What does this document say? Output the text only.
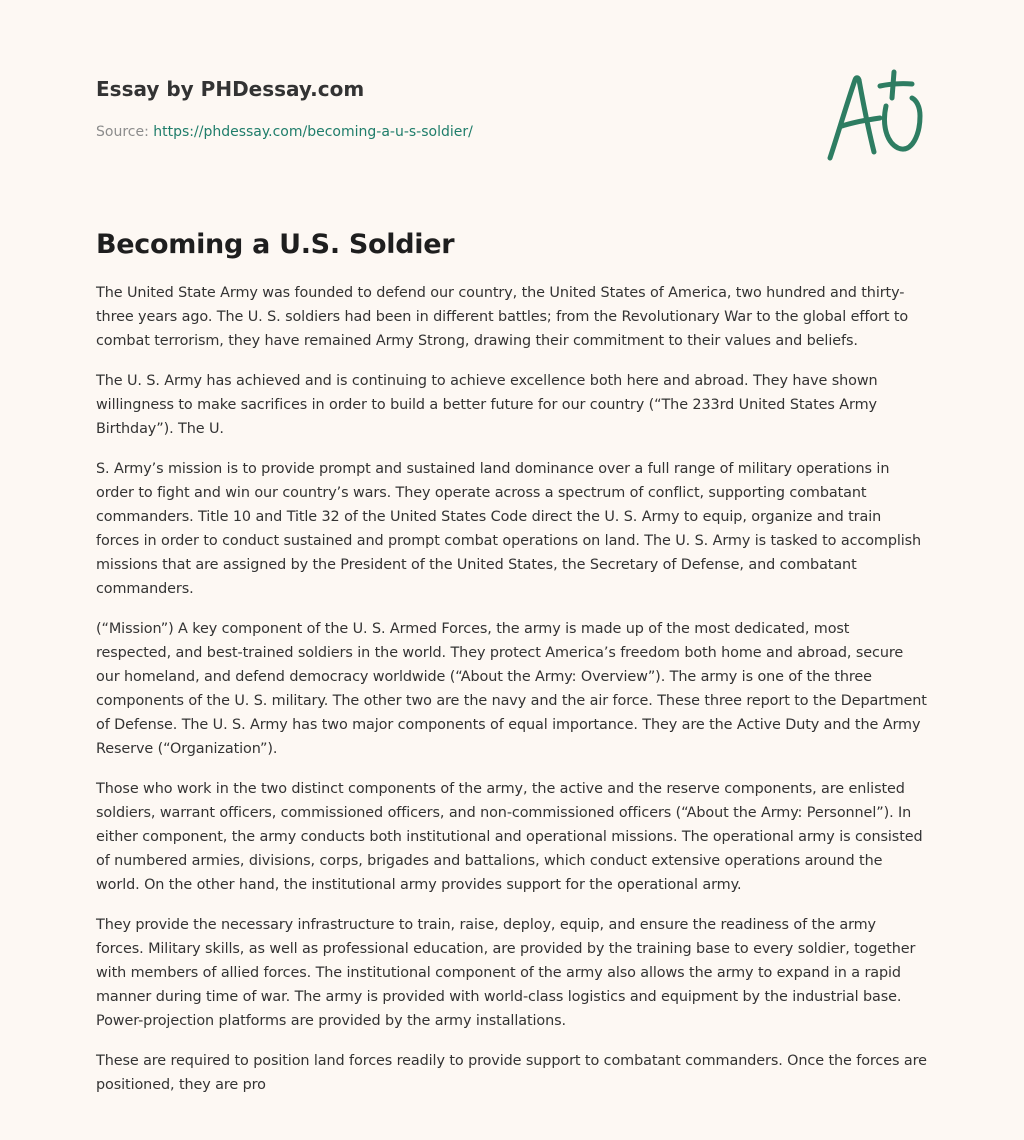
Essay by PHDessay.com
Source: https://phdessay.com/becoming-a-u-s-soldier/
Becoming a U.S. Soldier

The United State Army was founded to defend our country, the United States of America, two hundred and thirty-three years ago. The U. S. soldiers had been in different battles; from the Revolutionary War to the global effort to combat terrorism, they have remained Army Strong, drawing their commitment to their values and beliefs.

The U. S. Army has achieved and is continuing to achieve excellence both here and abroad. They have shown willingness to make sacrifices in order to build a better future for our country (“The 233rd United States Army Birthday”). The U.

S. Army’s mission is to provide prompt and sustained land dominance over a full range of military operations in order to fight and win our country’s wars. They operate across a spectrum of conflict, supporting combatant commanders. Title 10 and Title 32 of the United States Code direct the U. S. Army to equip, organize and train forces in order to conduct sustained and prompt combat operations on land. The U. S. Army is tasked to accomplish missions that are assigned by the President of the United States, the Secretary of Defense, and combatant commanders.

(“Mission”) A key component of the U. S. Armed Forces, the army is made up of the most dedicated, most respected, and best-trained soldiers in the world. They protect America’s freedom both home and abroad, secure our homeland, and defend democracy worldwide (“About the Army: Overview”). The army is one of the three components of the U. S. military. The other two are the navy and the air force. These three report to the Department of Defense. The U. S. Army has two major components of equal importance. They are the Active Duty and the Army Reserve (“Organization”).

Those who work in the two distinct components of the army, the active and the reserve components, are enlisted soldiers, warrant officers, commissioned officers, and non-commissioned officers (“About the Army: Personnel”). In either component, the army conducts both institutional and operational missions. The operational army is consisted of numbered armies, divisions, corps, brigades and battalions, which conduct extensive operations around the world. On the other hand, the institutional army provides support for the operational army.

They provide the necessary infrastructure to train, raise, deploy, equip, and ensure the readiness of the army forces. Military skills, as well as professional education, are provided by the training base to every soldier, together with members of allied forces. The institutional component of the army also allows the army to expand in a rapid manner during time of war. The army is provided with world-class logistics and equipment by the industrial base. Power-projection platforms are provided by the army installations.

These are required to position land forces readily to provide support to combatant commanders. Once the forces are positioned, they are pro
